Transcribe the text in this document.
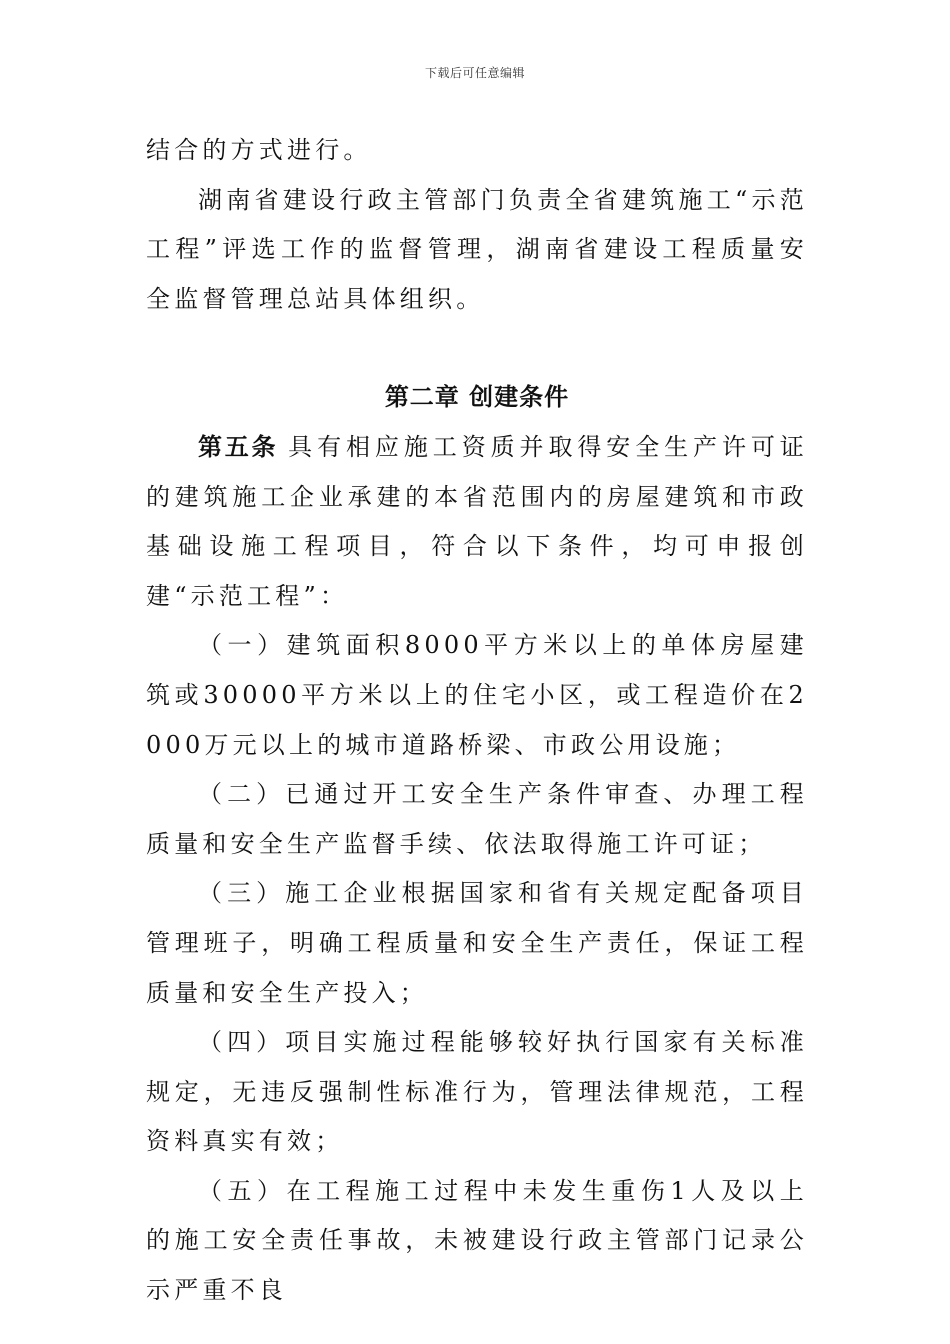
下载后可任意编辑

结合的方式进行。

湖南省建设行政主管部门负责全省建筑施工“示范工程”评选工作的监督管理，湖南省建设工程质量安全监督管理总站具体组织。

第二章 创建条件

第五条 具有相应施工资质并取得安全生产许可证的建筑施工企业承建的本省范围内的房屋建筑和市政基础设施工程项目，符合以下条件，均可申报创建“示范工程”：

（一）建筑面积8000平方米以上的单体房屋建筑或30000平方米以上的住宅小区，或工程造价在2000万元以上的城市道路桥梁、市政公用设施；

（二）已通过开工安全生产条件审查、办理工程质量和安全生产监督手续、依法取得施工许可证；

（三）施工企业根据国家和省有关规定配备项目管理班子，明确工程质量和安全生产责任，保证工程质量和安全生产投入；

（四）项目实施过程能够较好执行国家有关标准规定，无违反强制性标准行为，管理法律规范，工程资料真实有效；

（五）在工程施工过程中未发生重伤1人及以上的施工安全责任事故，未被建设行政主管部门记录公示严重不良
